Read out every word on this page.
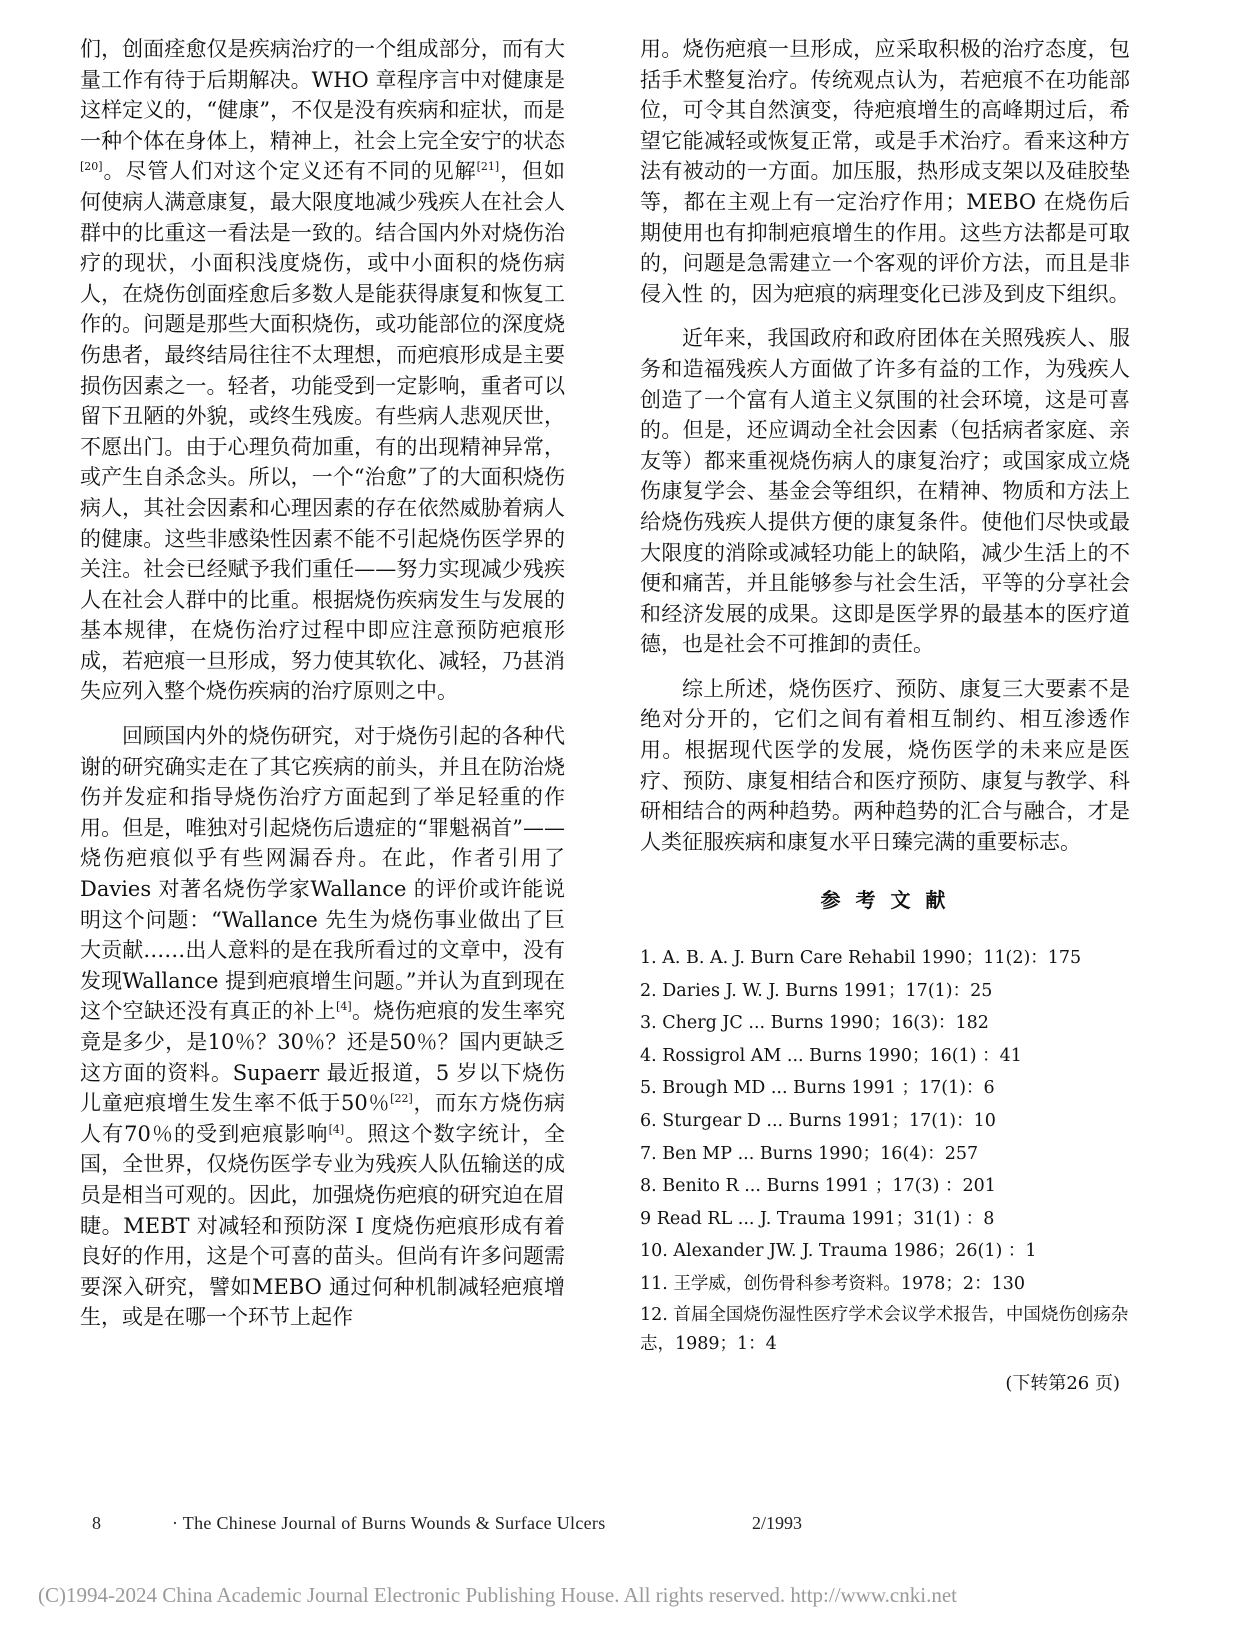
们，创面痊愈仅是疾病治疗的一个组成部分，而有大量工作有待于后期解决。WHO 章程序言中对健康是这样定义的，“健康”，不仅是没有疾病和症状，而是一种个体在身体上，精神上，社会上完全安宁的状态[20]。尽管人们对这个定义还有不同的见解[21]，但如何使病人满意康复，最大限度地减少残疾人在社会人群中的比重这一看法是一致的。结合国内外对烧伤治疗的现状，小面积浅度烧伤，或中小面积的烧伤病人，在烧伤创面痊愈后多数人是能获得康复和恢复工作的。问题是那些大面积烧伤，或功能部位的深度烧伤患者，最终结局往往不太理想，而疤痕形成是主要损伤因素之一。轻者，功能受到一定影响，重者可以留下丑陋的外貌，或终生残废。有些病人悲观厌世，不愿出门。由于心理负荷加重，有的出现精神异常，或产生自杀念头。所以，一个“治愈”了的大面积烧伤病人，其社会因素和心理因素的存在依然威胁着病人的健康。这些非感染性因素不能不引起烧伤医学界的关注。社会已经赋予我们重任——努力实现减少残疾人在社会人群中的比重。根据烧伤疾病发生与发展的基本规律，在烧伤治疗过程中即应注意预防疤痕形成，若疤痕一旦形成，努力使其软化、减轻，乃甚消失应列入整个烧伤疾病的治疗原则之中。

回顾国内外的烧伤研究，对于烧伤引起的各种代谢的研究确实走在了其它疾病的前头，并且在防治烧伤并发症和指导烧伤治疗方面起到了举足轻重的作用。但是，唯独对引起烧伤后遗症的“罪魁祸首”——烧伤疤痕似乎有些网漏吞舟。在此，作者引用了Davies 对著名烧伤学家Wallance 的评价或许能说明这个问题：“Wallance 先生为烧伤事业做出了巨大贡献……出人意料的是在我所看过的文章中，没有发现Wallance 提到疤痕增生问题。”并认为直到现在这个空缺还没有真正的补上[4]。烧伤疤痕的发生率究竟是多少，是10％？30％？还是50％？国内更缺乏这方面的资料。Supaerr 最近报道，5 岁以下烧伤儿童疤痕增生发生率不低于50％[22]，而东方烧伤病人有70％的受到疤痕影响[4]。照这个数字统计，全国，全世界，仅烧伤医学专业为残疾人队伍输送的成员是相当可观的。因此，加强烧伤疤痕的研究迫在眉睫。MEBT 对减轻和预防深 I 度烧伤疤痕形成有着良好的作用，这是个可喜的苗头。但尚有许多问题需要深入研究，譬如MEBO 通过何种机制减轻疤痕增生，或是在哪一个环节上起作

用。烧伤疤痕一旦形成，应采取积极的治疗态度，包括手术整复治疗。传统观点认为，若疤痕不在功能部位，可令其自然演变，待疤痕增生的高峰期过后，希望它能减轻或恢复正常，或是手术治疗。看来这种方法有被动的一方面。加压服，热形成支架以及硅胶垫等，都在主观上有一定治疗作用；MEBO 在烧伤后期使用也有抑制疤痕增生的作用。这些方法都是可取的，问题是急需建立一个客观的评价方法，而且是非侵入性 的，因为疤痕的病理变化已涉及到皮下组织。

近年来，我国政府和政府团体在关照残疾人、服务和造福残疾人方面做了许多有益的工作，为残疾人创造了一个富有人道主义氛围的社会环境，这是可喜的。但是，还应调动全社会因素（包括病者家庭、亲友等）都来重视烧伤病人的康复治疗；或国家成立烧伤康复学会、基金会等组织，在精神、物质和方法上给烧伤残疾人提供方便的康复条件。使他们尽快或最大限度的消除或减轻功能上的缺陷，减少生活上的不便和痛苦，并且能够参与社会生活，平等的分享社会和经济发展的成果。这即是医学界的最基本的医疗道德，也是社会不可推卸的责任。

综上所述，烧伤医疗、预防、康复三大要素不是绝对分开的，它们之间有着相互制约、相互渗透作用。根据现代医学的发展，烧伤医学的未来应是医疗、预防、康复相结合和医疗预防、康复与教学、科研相结合的两种趋势。两种趋势的汇合与融合，才是人类征服疾病和康复水平日臻完满的重要标志。

参 考 文 献

1. A. B. A. J. Burn Care Rehabil 1990；11(2)：175
2. Daries J. W. J. Burns 1991；17(1)：25
3. Cherg JC ... Burns 1990；16(3)：182
4. Rossigrol AM ... Burns 1990；16(1) ：41
5. Brough MD ... Burns 1991 ；17(1)：6
6. Sturgear D ... Burns 1991；17(1)：10
7. Ben MP ... Burns 1990；16(4)：257
8. Benito R ... Burns 1991 ；17(3) ：201
9 Read RL ... J. Trauma 1991；31(1) ：8
10. Alexander JW. J. Trauma 1986；26(1) ：1
11. 王学威，创伤骨科参考资料。1978；2：130
12. 首届全国烧伤湿性医疗学术会议学术报告，中国烧伤创疡杂志，1989；1：4

(下转第26 页)

8	· The Chinese Journal of Burns Wounds & Surface Ulcers	2/1993
(C)1994-2024 China Academic Journal Electronic Publishing House. All rights reserved. http://www.cnki.net
